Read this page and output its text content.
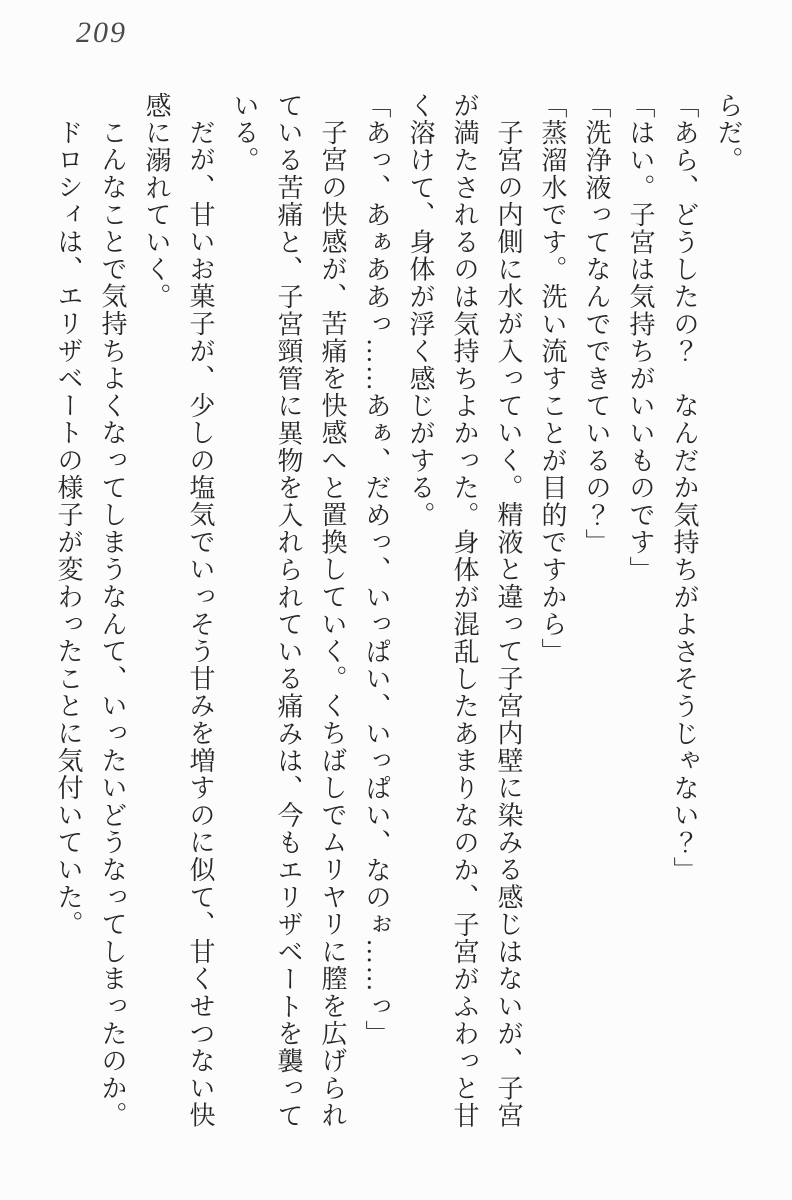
209

らだ。

「あら、どうしたの？　なんだか気持ちがよさそうじゃない？」

「はい。子宮は気持ちがいいものです」

「洗浄液ってなんでできているの？」

「蒸溜水です。洗い流すことが目的ですから」

子宮の内側に水が入っていく。精液と違って子宮内壁に染みる感じはないが、子宮が満たされるのは気持ちよかった。身体が混乱したあまりなのか、子宮がふわっと甘く溶けて、身体が浮く感じがする。

「あっ、あぁああっ……あぁ、だめっ、いっぱい、いっぱい、なのぉ……っ」

子宮の快感が、苦痛を快感へと置換していく。くちばしでムリヤリに膣を広げられている苦痛と、子宮頸管に異物を入れられている痛みは、今もエリザベートを襲っている。

だが、甘いお菓子が、少しの塩気でいっそう甘みを増すのに似て、甘くせつない快感に溺れていく。

こんなことで気持ちよくなってしまうなんて、いったいどうなってしまったのか。

ドロシィは、エリザベートの様子が変わったことに気付いていた。
